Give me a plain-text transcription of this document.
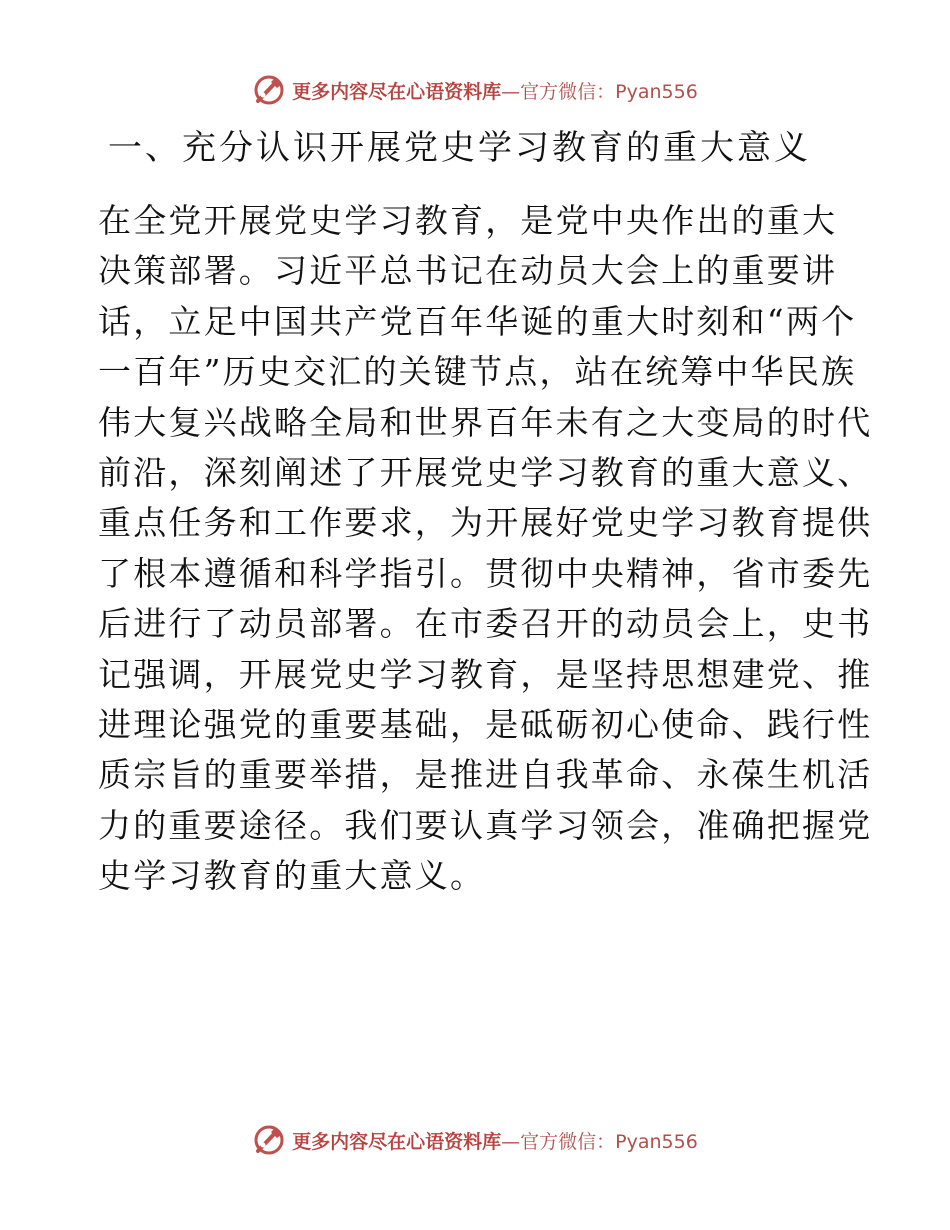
更多内容尽在心语资料库—官方微信：Pyan556
一、充分认识开展党史学习教育的重大意义
在全党开展党史学习教育，是党中央作出的重大
决策部署。习近平总书记在动员大会上的重要讲
话，立足中国共产党百年华诞的重大时刻和“两个
一百年”历史交汇的关键节点，站在统筹中华民族
伟大复兴战略全局和世界百年未有之大变局的时代
前沿，深刻阐述了开展党史学习教育的重大意义、
重点任务和工作要求，为开展好党史学习教育提供
了根本遵循和科学指引。贯彻中央精神，省市委先
后进行了动员部署。在市委召开的动员会上，史书
记强调，开展党史学习教育，是坚持思想建党、推
进理论强党的重要基础，是砥砺初心使命、践行性
质宗旨的重要举措，是推进自我革命、永葆生机活
力的重要途径。我们要认真学习领会，准确把握党
史学习教育的重大意义。
更多内容尽在心语资料库—官方微信：Pyan556
